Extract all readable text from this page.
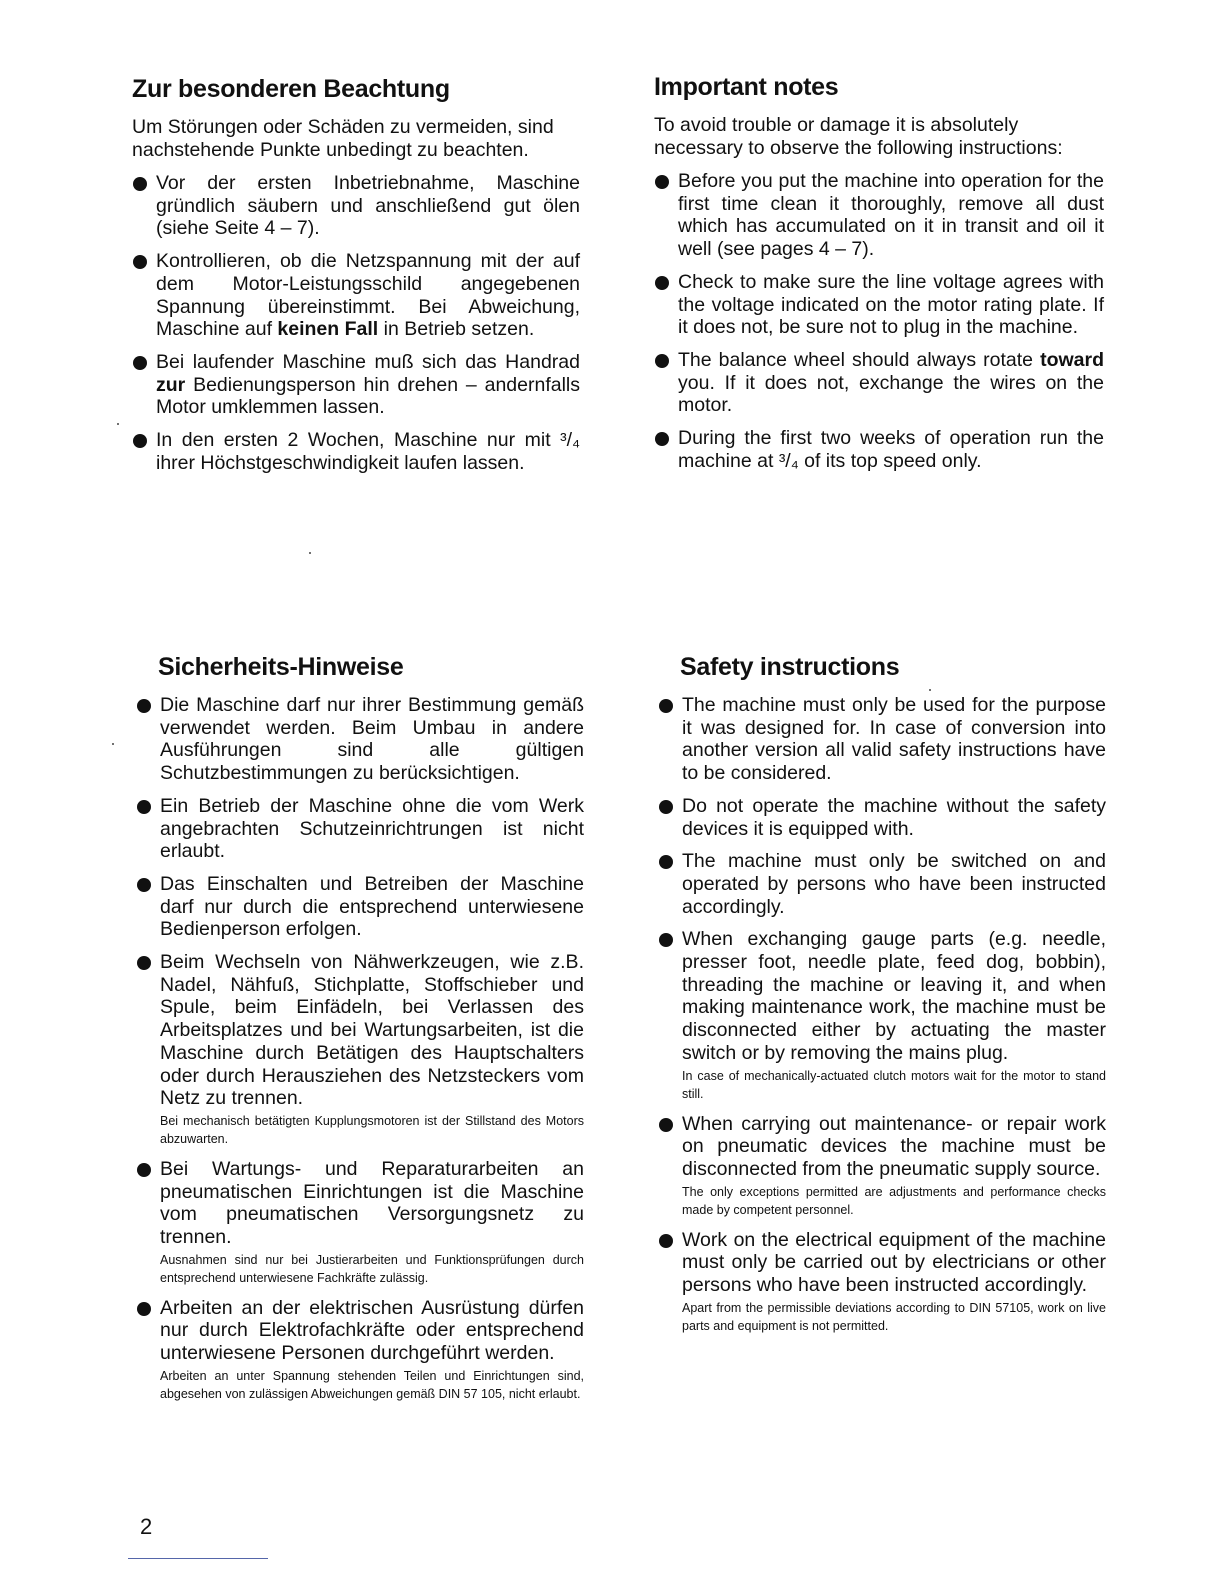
Zur besonderen Beachtung

Um Störungen oder Schäden zu vermeiden, sind nachstehende Punkte unbedingt zu beachten.

Vor der ersten Inbetriebnahme, Maschine gründlich säubern und anschließend gut ölen (siehe Seite 4 – 7).
Kontrollieren, ob die Netzspannung mit der auf dem Motor-Leistungsschild angegebenen Spannung übereinstimmt. Bei Abweichung, Maschine auf keinen Fall in Betrieb setzen.
Bei laufender Maschine muß sich das Handrad zur Bedienungsperson hin drehen – andernfalls Motor umklemmen lassen.
In den ersten 2 Wochen, Maschine nur mit ³/₄ ihrer Höchstgeschwindigkeit laufen lassen.
Important notes

To avoid trouble or damage it is absolutely necessary to observe the following instructions:

Before you put the machine into operation for the first time clean it thoroughly, remove all dust which has accumulated on it in transit and oil it well (see pages 4 – 7).
Check to make sure the line voltage agrees with the voltage indicated on the motor rating plate. If it does not, be sure not to plug in the machine.
The balance wheel should always rotate toward you. If it does not, exchange the wires on the motor.
During the first two weeks of operation run the machine at ³/₄ of its top speed only.
Sicherheits-Hinweise
Die Maschine darf nur ihrer Bestimmung gemäß verwendet werden. Beim Umbau in andere Ausführungen sind alle gültigen Schutzbestimmungen zu berücksichtigen.
Ein Betrieb der Maschine ohne die vom Werk angebrachten Schutzeinrichtrungen ist nicht erlaubt.
Das Einschalten und Betreiben der Maschine darf nur durch die entsprechend unterwiesene Bedienperson erfolgen.
Beim Wechseln von Nähwerkzeugen, wie z.B. Nadel, Nähfuß, Stichplatte, Stoffschieber und Spule, beim Einfädeln, bei Verlassen des Arbeitsplatzes und bei Wartungsarbeiten, ist die Maschine durch Betätigen des Hauptschalters oder durch Herausziehen des Netzsteckers vom Netz zu trennen.
Bei mechanisch betätigten Kupplungsmotoren ist der Stillstand des Motors abzuwarten.
Bei Wartungs- und Reparaturarbeiten an pneumatischen Einrichtungen ist die Maschine vom pneumatischen Versorgungsnetz zu trennen.
Ausnahmen sind nur bei Justierarbeiten und Funktionsprüfungen durch entsprechend unterwiesene Fachkräfte zulässig.
Arbeiten an der elektrischen Ausrüstung dürfen nur durch Elektrofachkräfte oder entsprechend unterwiesene Personen durchgeführt werden.
Arbeiten an unter Spannung stehenden Teilen und Einrichtungen sind, abgesehen von zulässigen Abweichungen gemäß DIN 57 105, nicht erlaubt.
Safety instructions
The machine must only be used for the purpose it was designed for. In case of conversion into another version all valid safety instructions have to be considered.
Do not operate the machine without the safety devices it is equipped with.
The machine must only be switched on and operated by persons who have been instructed accordingly.
When exchanging gauge parts (e.g. needle, presser foot, needle plate, feed dog, bobbin), threading the machine or leaving it, and when making maintenance work, the machine must be disconnected either by actuating the master switch or by removing the mains plug.
In case of mechanically-actuated clutch motors wait for the motor to stand still.
When carrying out maintenance- or repair work on pneumatic devices the machine must be disconnected from the pneumatic supply source.
The only exceptions permitted are adjustments and performance checks made by competent personnel.
Work on the electrical equipment of the machine must only be carried out by electricians or other persons who have been instructed accordingly.
Apart from the permissible deviations according to DIN 57105, work on live parts and equipment is not permitted.
2
